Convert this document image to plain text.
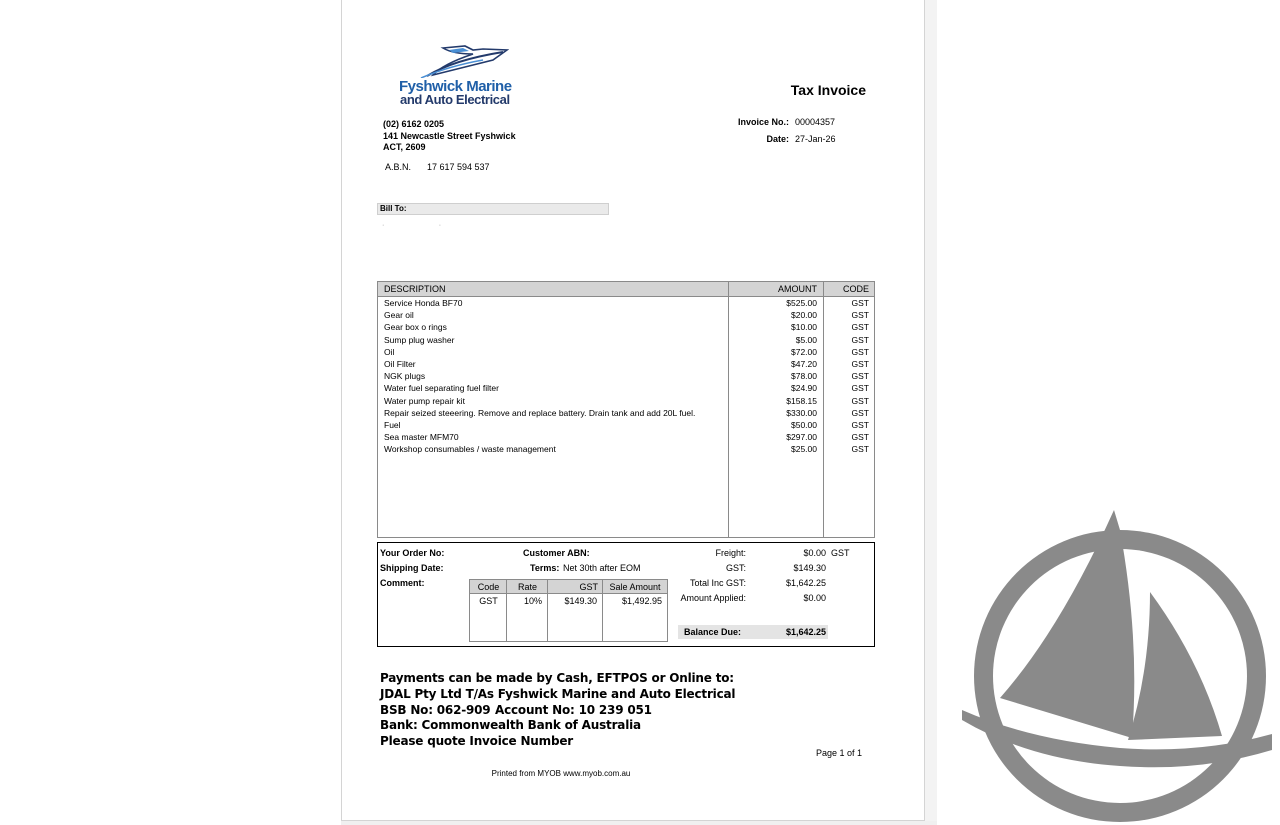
Fyshwick Marine
and Auto Electrical
Tax Invoice
Invoice No.: 00004357
Date: 27-Jan-26
(02) 6162 0205
141 Newcastle Street Fyshwick
ACT, 2609
A.B.N. 17 617 594 537
Bill To:
·                            ·
DESCRIPTION	AMOUNT	CODE
Service Honda BF70	$525.00	GST
Gear oil	$20.00	GST
Gear box o rings	$10.00	GST
Sump plug washer	$5.00	GST
Oil	$72.00	GST
Oil Filter	$47.20	GST
NGK plugs	$78.00	GST
Water fuel separating fuel filter	$24.90	GST
Water pump repair kit	$158.15	GST
Repair seized steeering. Remove and replace battery. Drain tank and add 20L fuel.	$330.00	GST
Fuel	$50.00	GST
Sea master MFM70	$297.00	GST
Workshop consumables / waste management	$25.00	GST
Your Order No:
Shipping Date:
Comment:
Customer ABN:
Terms: Net 30th after EOM
Code	Rate	GST	Sale Amount
GST	10%	$149.30	$1,492.95
Freight:	$0.00 GST
GST:	$149.30
Total Inc GST:	$1,642.25
Amount Applied:	$0.00
Balance Due:	$1,642.25
Payments can be made by Cash, EFTPOS or Online to:
JDAL Pty Ltd T/As Fyshwick Marine and Auto Electrical
BSB No: 062-909 Account No: 10 239 051
Bank: Commonwealth Bank of Australia
Please quote Invoice Number
Page 1 of 1
Printed from MYOB www.myob.com.au
